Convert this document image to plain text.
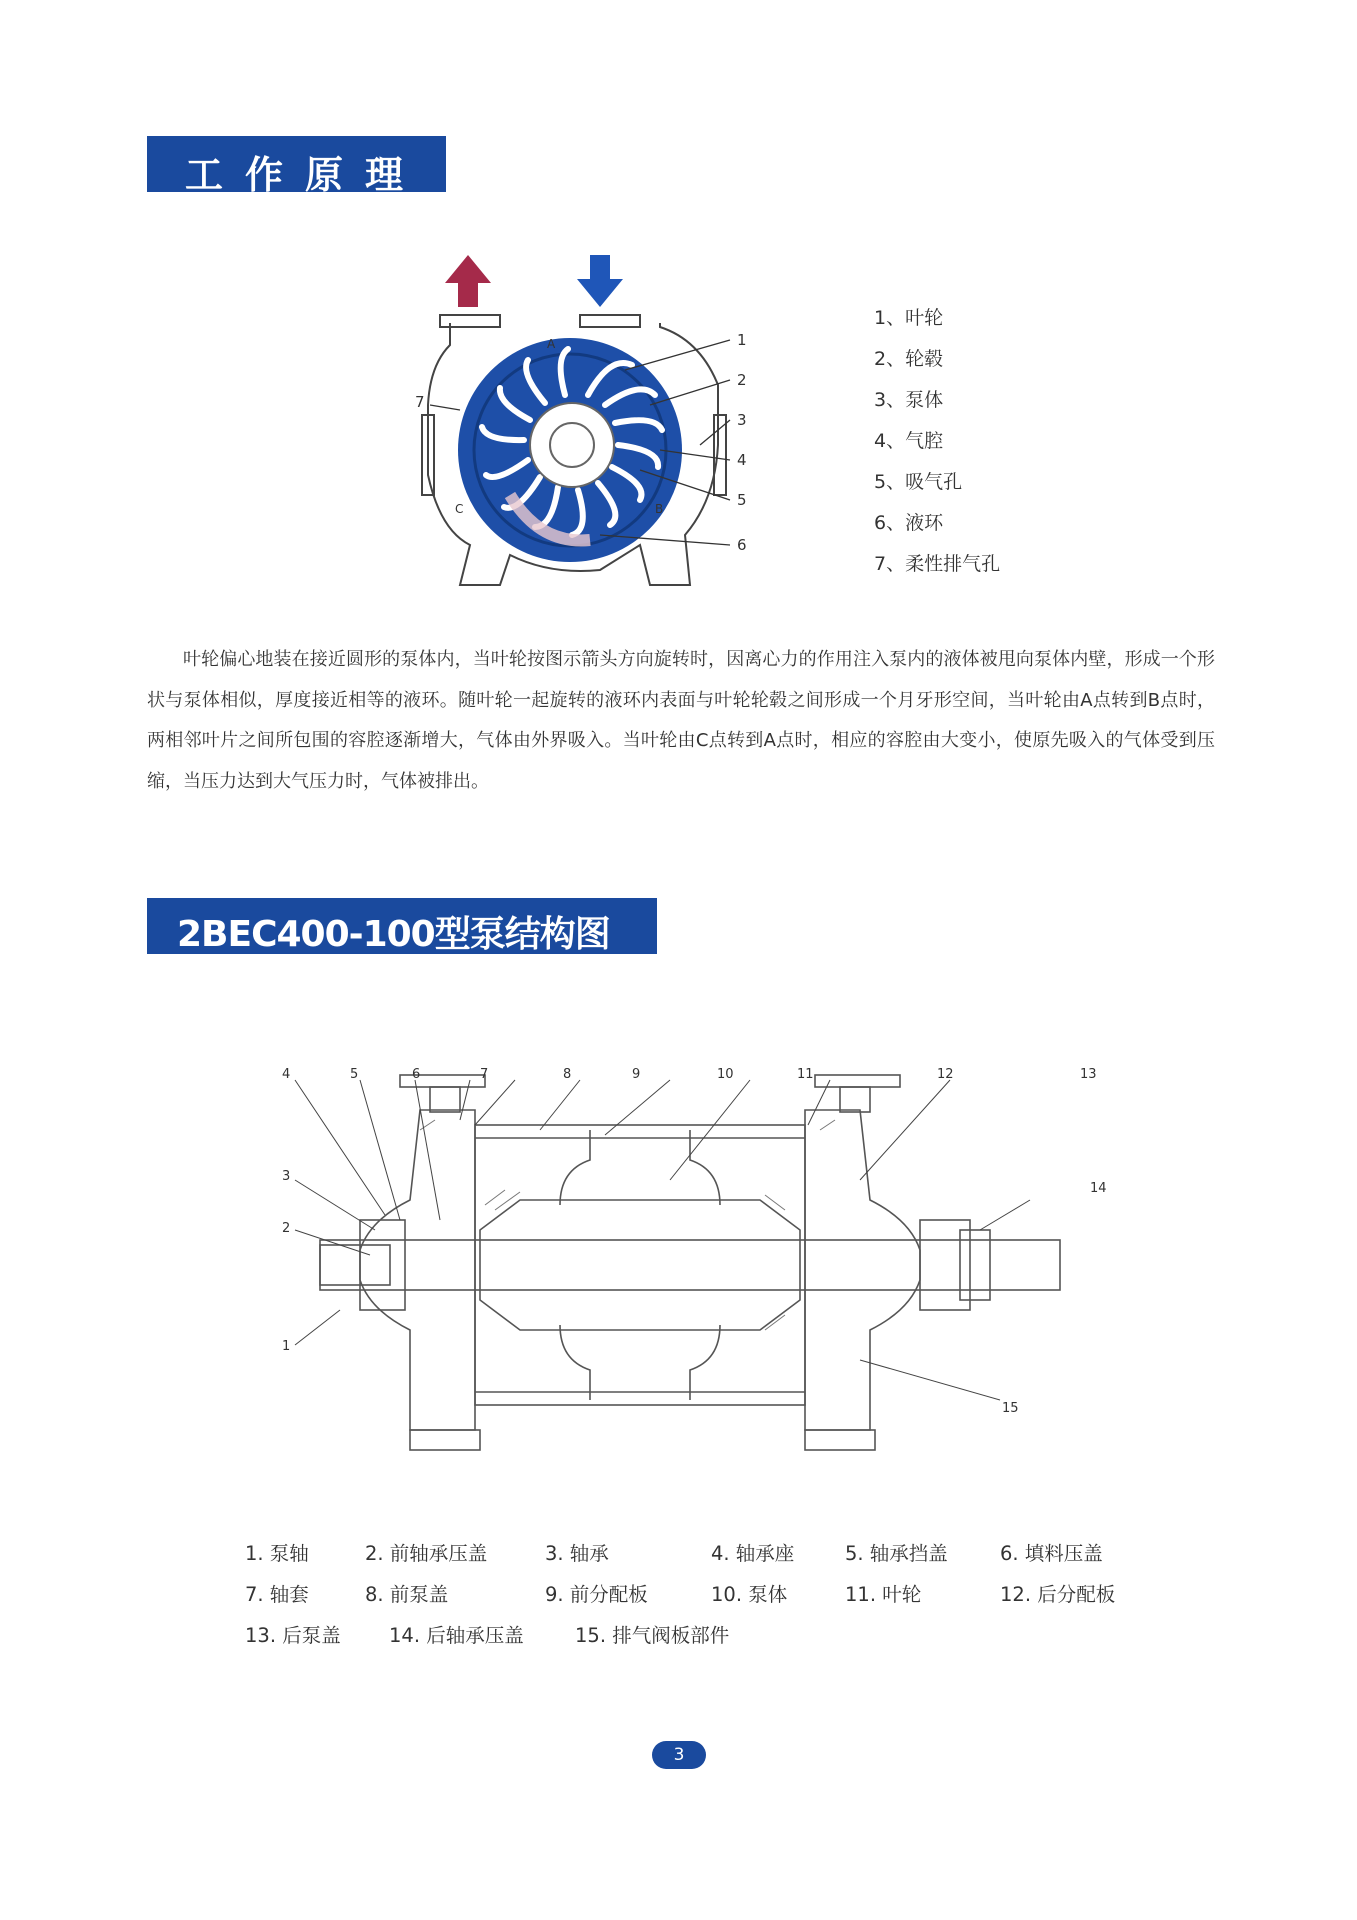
工作原理
1
2
3
4
5
6
7
A
B
C
1、叶轮
2、轮毂
3、泵体
4、气腔
5、吸气孔
6、液环
7、柔性排气孔

叶轮偏心地装在接近圆形的泵体内，当叶轮按图示箭头方向旋转时，因离心力的作用注入泵内的液体被甩向泵体内壁，形成一个形状与泵体相似，厚度接近相等的液环。随叶轮一起旋转的液环内表面与叶轮轮毂之间形成一个月牙形空间，当叶轮由A点转到B点时，两相邻叶片之间所包围的容腔逐渐增大，气体由外界吸入。当叶轮由C点转到A点时，相应的容腔由大变小，使原先吸入的气体受到压缩，当压力达到大气压力时，气体被排出。

2BEC400-100型泵结构图
1
2
3
4	5	6	7	8	9	10	11	12	13
14
15
1. 泵轴	2. 前轴承压盖	3. 轴承	4. 轴承座	5. 轴承挡盖	6. 填料压盖
7. 轴套	8. 前泵盖	9. 前分配板	10. 泵体	11. 叶轮	12. 后分配板
13. 后泵盖 14. 后轴承压盖	15. 排气阀板部件
3
